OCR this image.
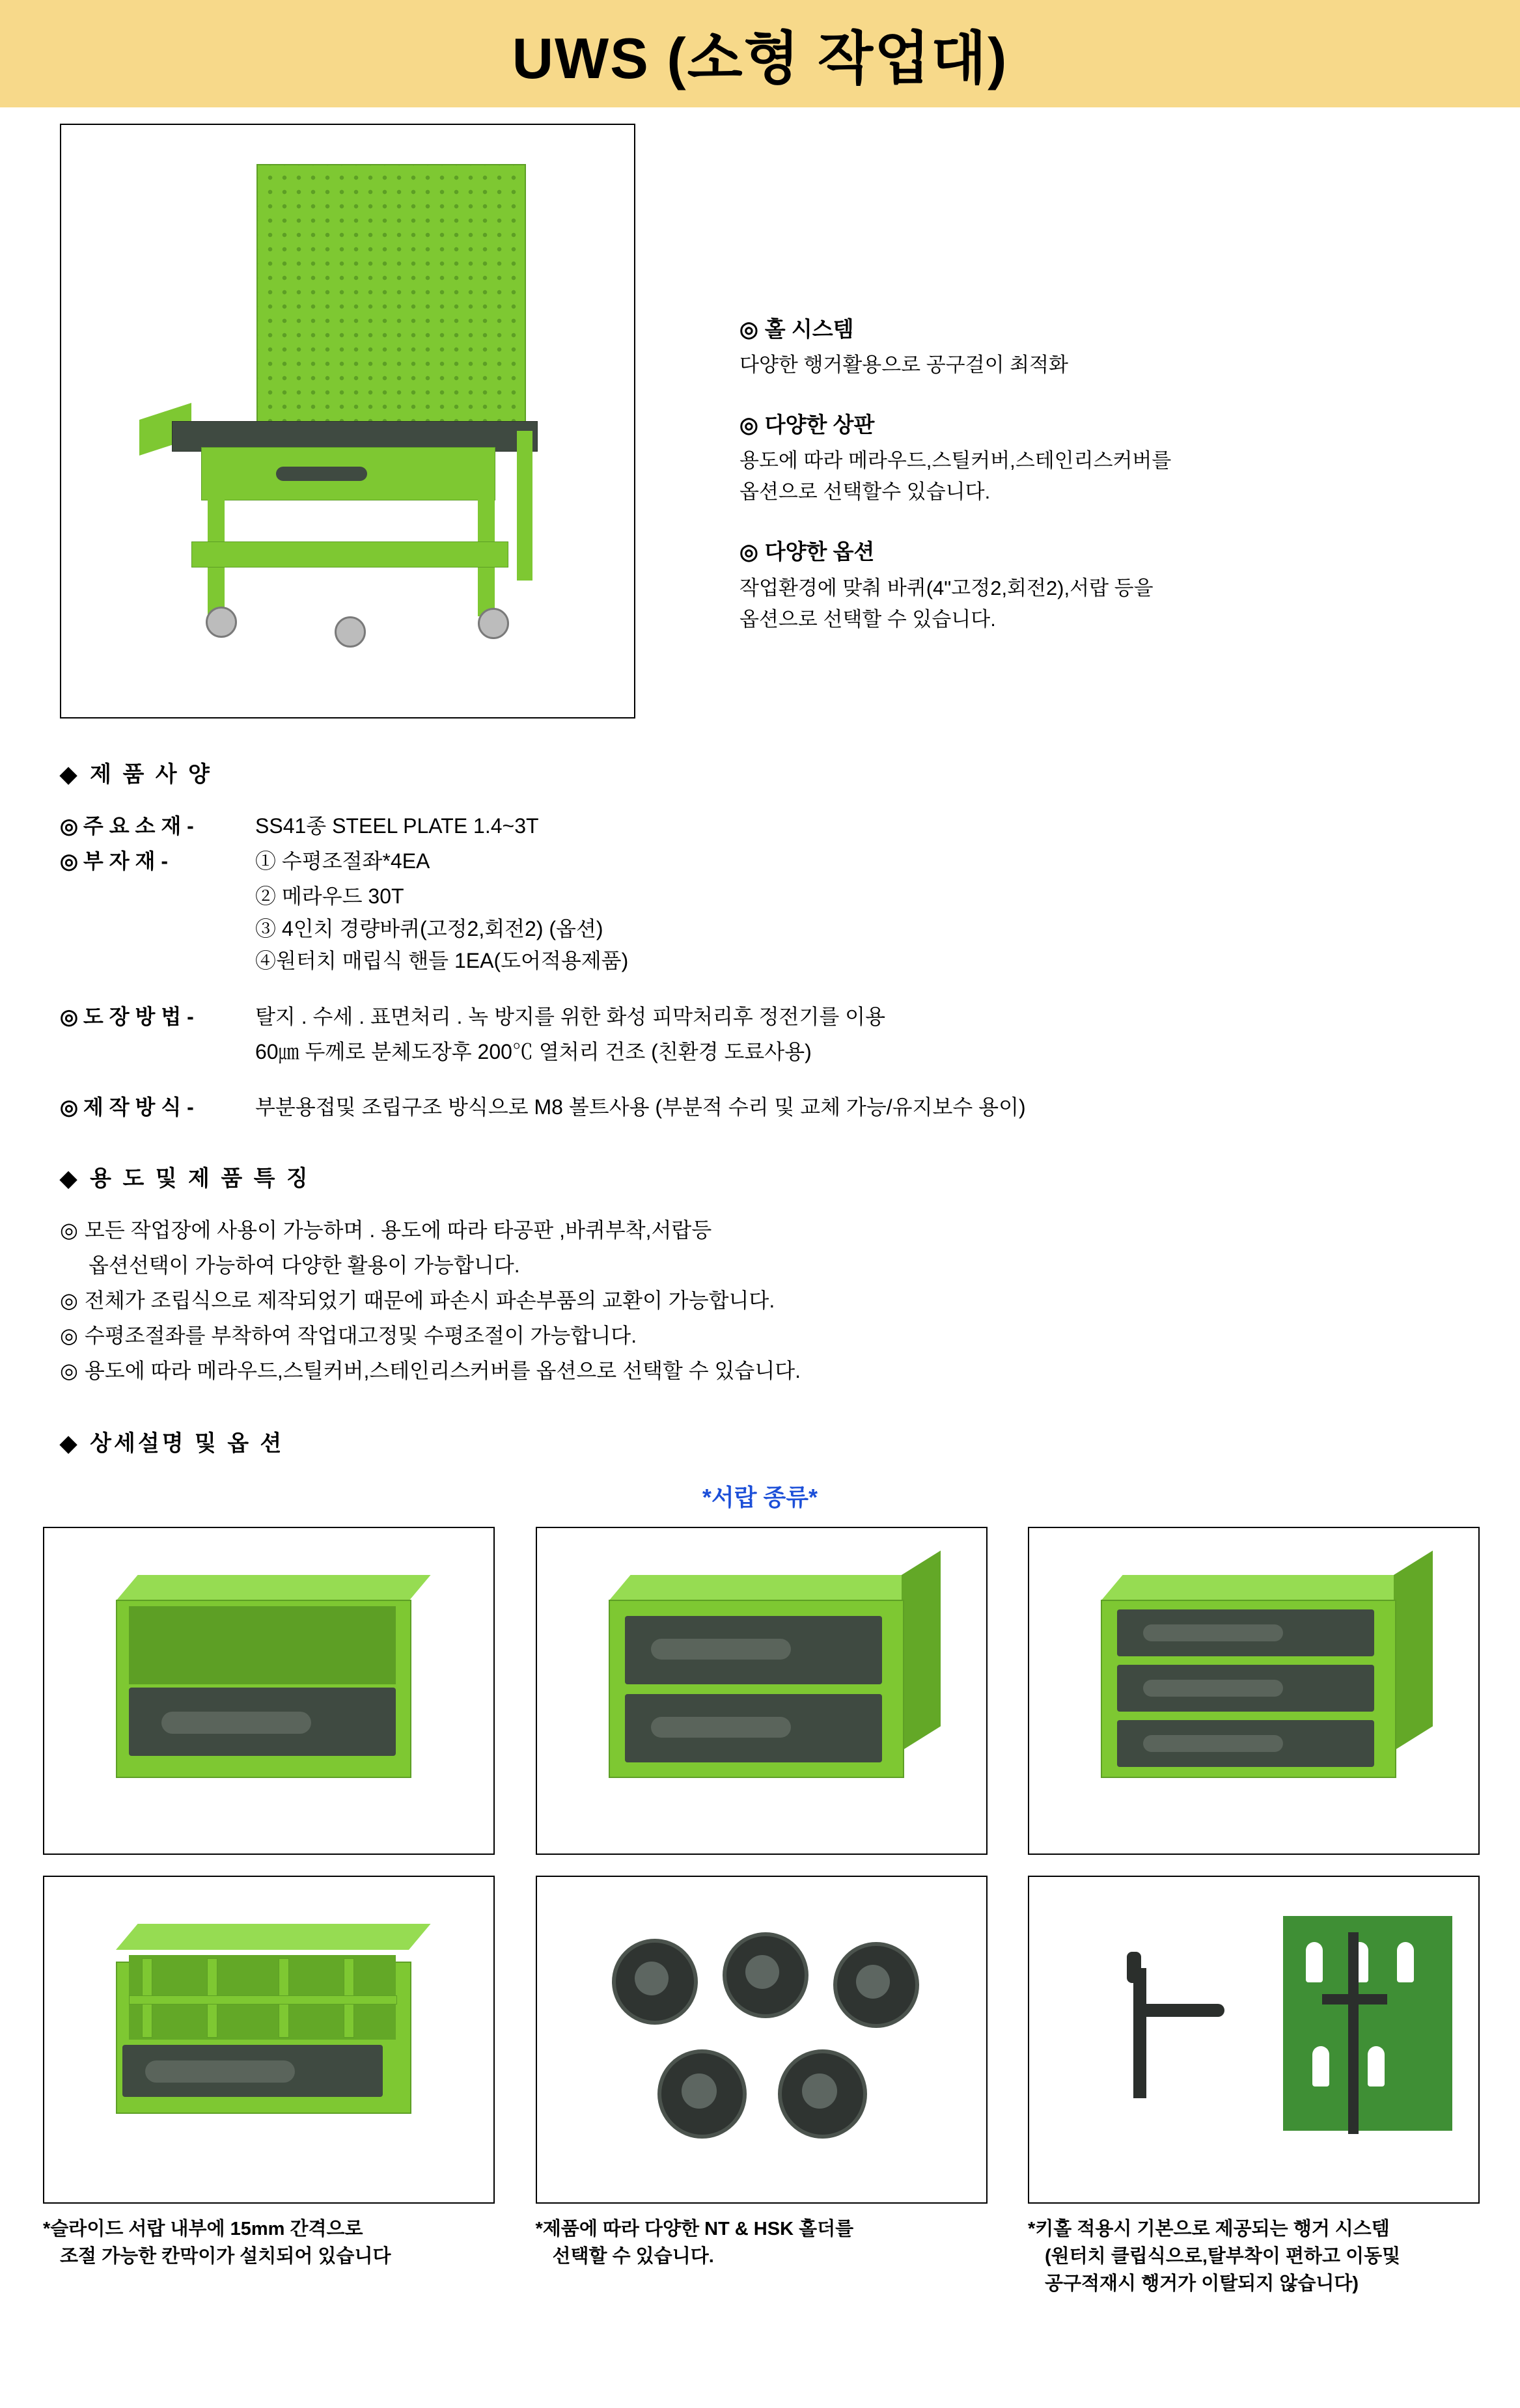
UWS (소형 작업대)
◎ 홀 시스템
다양한 행거활용으로 공구걸이 최적화
◎ 다양한 상판
용도에 따라 메라우드,스틸커버,스테인리스커버를
옵션으로 선택할수 있습니다.
◎ 다양한 옵션
작업환경에 맞춰 바퀴(4"고정2,회전2),서랍 등을
옵션으로 선택할 수 있습니다.
◆ 제 품 사 양
◎ 주 요 소 재 -	SS41종 STEEL PLATE 1.4~3T
◎ 부 자 재 -	① 수평조절좌*4EA
② 메라우드 30T
③ 4인치 경량바퀴(고정2,회전2) (옵션)
④원터치 매립식 핸들 1EA(도어적용제품)
◎ 도 장 방 법 -	탈지 . 수세 . 표면처리 . 녹 방지를 위한 화성 피막처리후 정전기를 이용
60㎛ 두께로 분체도장후 200℃ 열처리 건조 (친환경 도료사용)
◎ 제 작 방 식 -	부분용접및 조립구조 방식으로 M8 볼트사용 (부분적 수리 및 교체 가능/유지보수 용이)
◆ 용 도 및 제 품 특 징
◎ 모든 작업장에 사용이 가능하며 . 용도에 따라 타공판 ,바퀴부착,서랍등
옵션선택이 가능하여 다양한 활용이 가능합니다.
◎ 전체가 조립식으로 제작되었기 때문에 파손시 파손부품의 교환이 가능합니다.
◎ 수평조절좌를 부착하여 작업대고정및 수평조절이 가능합니다.
◎ 용도에 따라 메라우드,스틸커버,스테인리스커버를 옵션으로 선택할 수 있습니다.
◆ 상세설명 및 옵 션
*서랍 종류*
*슬라이드 서랍 내부에 15mm 간격으로
조절 가능한 칸막이가 설치되어 있습니다
*제품에 따라 다양한 NT & HSK 홀더를
선택할 수 있습니다.
*키홀 적용시 기본으로 제공되는 행거 시스템
(원터치 클립식으로,탈부착이 편하고 이동및
공구적재시 행거가 이탈되지 않습니다)
